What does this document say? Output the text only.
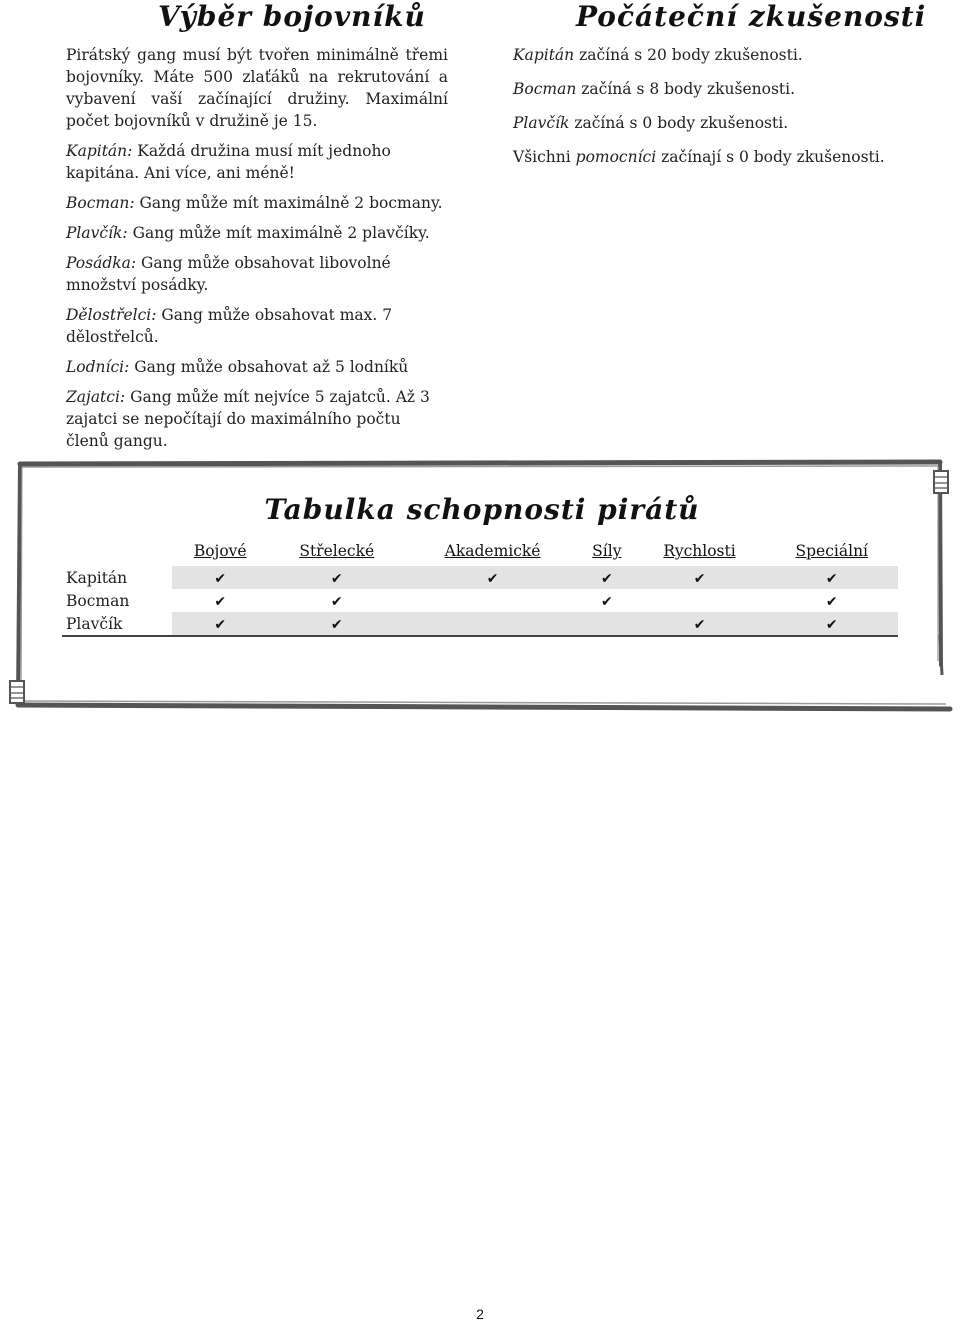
Výběr bojovníků

Pirátský gang musí být tvořen minimálně třemi bojovníky. Máte 500 zlaťáků na rekrutování a vybavení vaší začínající družiny. Maximální počet bojovníků v družině je 15.

Kapitán: Každá družina musí mít jednoho kapitána. Ani více, ani méně!

Bocman: Gang může mít maximálně 2 bocmany.

Plavčík: Gang může mít maximálně 2 plavčíky.

Posádka: Gang může obsahovat libovolné množství posádky.

Dělostřelci: Gang může obsahovat max. 7 dělostřelců.

Lodníci: Gang může obsahovat až 5 lodníků

Zajatci: Gang může mít nejvíce 5 zajatců. Až 3 zajatci se nepočítají do maximálního počtu členů gangu.

Počáteční zkušenosti

Kapitán začíná s 20 body zkušenosti.

Bocman začíná s 8 body zkušenosti.

Plavčík začíná s 0 body zkušenosti.

Všichni pomocníci začínají s 0 body zkušenosti.

Tabulka schopnosti pirátů
	Bojové	Střelecké	Akademické	Síly	Rychlosti	Speciální
Kapitán	✔	✔	✔	✔	✔	✔
Bocman	✔	✔		✔		✔
Plavčík	✔	✔			✔	✔
2
